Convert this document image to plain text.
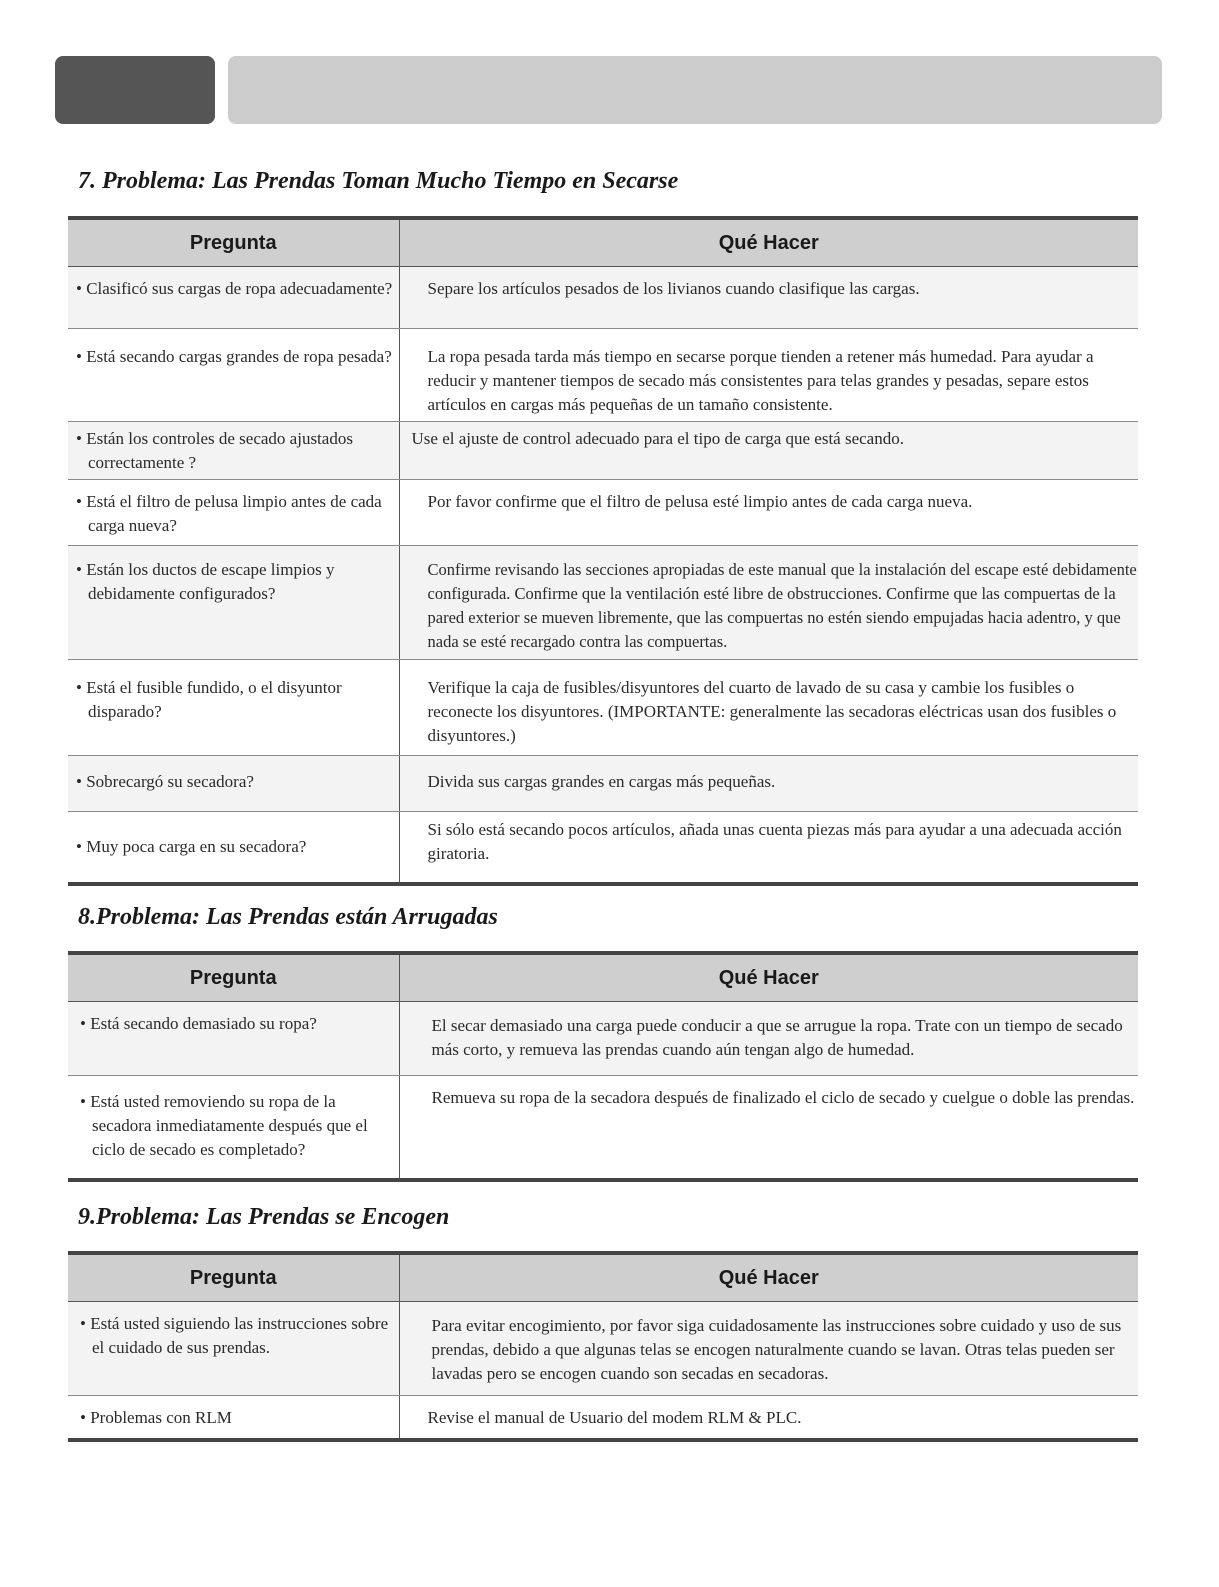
7. Problema: Las Prendas Toman Mucho Tiempo en Secarse
Pregunta	Qué Hacer

• Clasificó sus cargas de ropa adecuadamente?	Separe los artículos pesados de los livianos cuando clasifique las cargas.

• Está secando cargas grandes de ropa pesada?	La ropa pesada tarda más tiempo en secarse porque tienden a retener más humedad. Para ayudar a reducir y mantener tiempos de secado más consistentes para telas grandes y pesadas, separe estos artículos en cargas más pequeñas de un tamaño consistente.

• Están los controles de secado ajustados correctamente ?	Use el ajuste de control adecuado para el tipo de carga que está secando.

• Está el filtro de pelusa limpio antes de cada carga nueva?	Por favor confirme que el filtro de pelusa esté limpio antes de cada carga nueva.

• Están los ductos de escape limpios y debidamente configurados?	Confirme revisando las secciones apropiadas de este manual que la instalación del escape esté debidamente configurada. Confirme que la ventilación esté libre de obstrucciones. Confirme que las compuertas de la pared exterior se mueven libremente, que las compuertas no estén siendo empujadas hacia adentro, y que nada se esté recargado contra las compuertas.

• Está el fusible fundido, o el disyuntor disparado?	Verifique la caja de fusibles/disyuntores del cuarto de lavado de su casa y cambie los fusibles o reconecte los disyuntores. (IMPORTANTE: generalmente las secadoras eléctricas usan dos fusibles o disyuntores.)

• Sobrecargó su secadora?	Divida sus cargas grandes en cargas más pequeñas.

• Muy poca carga en su secadora?	Si sólo está secando pocos artículos, añada unas cuenta piezas más para ayudar a una adecuada acción giratoria.
8.Problema: Las Prendas están Arrugadas
Pregunta	Qué Hacer

• Está secando demasiado su ropa?	El secar demasiado una carga puede conducir a que se arrugue la ropa. Trate con un tiempo de secado más corto, y remueva las prendas cuando aún tengan algo de humedad.

• Está usted removiendo su ropa de la secadora inmediatamente después que el ciclo de secado es completado?	Remueva su ropa de la secadora después de finalizado el ciclo de secado y cuelgue o doble las prendas.
9.Problema: Las Prendas se Encogen
Pregunta	Qué Hacer

• Está usted siguiendo las instrucciones sobre el cuidado de sus prendas.	Para evitar encogimiento, por favor siga cuidadosamente las instrucciones sobre cuidado y uso de sus prendas, debido a que algunas telas se encogen naturalmente cuando se lavan. Otras telas pueden ser lavadas pero se encogen cuando son secadas en secadoras.

• Problemas con RLM	Revise el manual de Usuario del modem RLM & PLC.
